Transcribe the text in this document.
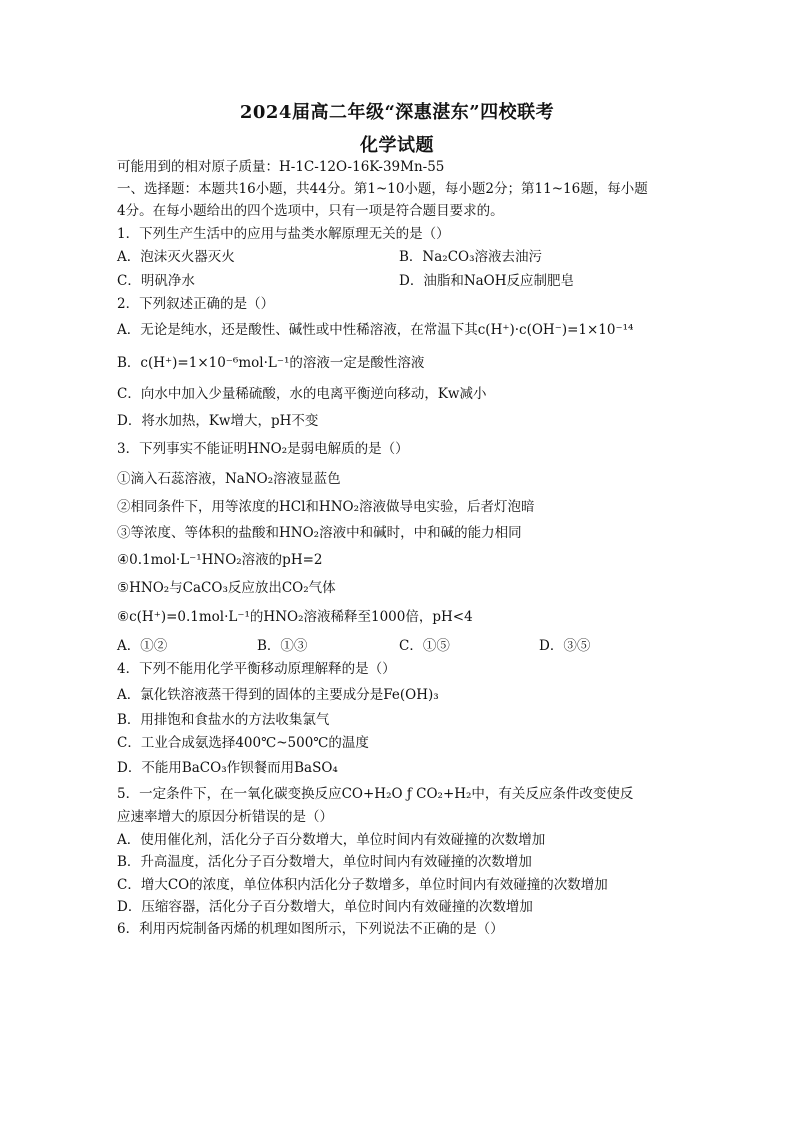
2024届高二年级“深惠湛东”四校联考
化学试题
可能用到的相对原子质量：H-1C-12O-16K-39Mn-55
一、选择题：本题共16小题，共44分。第1~10小题，每小题2分；第11~16题，每小题
4分。在每小题给出的四个选项中，只有一项是符合题目要求的。
1．下列生产生活中的应用与盐类水解原理无关的是（）
A．泡沫灭火器灭火	B．Na₂CO₃溶液去油污
C．明矾净水	D．油脂和NaOH反应制肥皂
2．下列叙述正确的是（）
A．无论是纯水，还是酸性、碱性或中性稀溶液，在常温下其c(H⁺)·c(OH⁻)=1×10⁻¹⁴
B．c(H⁺)=1×10⁻⁶mol·L⁻¹的溶液一定是酸性溶液
C．向水中加入少量稀硫酸，水的电离平衡逆向移动，Kw减小
D．将水加热，Kw增大，pH不变
3．下列事实不能证明HNO₂是弱电解质的是（）
①滴入石蕊溶液，NaNO₂溶液显蓝色
②相同条件下，用等浓度的HCl和HNO₂溶液做导电实验，后者灯泡暗
③等浓度、等体积的盐酸和HNO₂溶液中和碱时，中和碱的能力相同
④0.1mol·L⁻¹HNO₂溶液的pH=2
⑤HNO₂与CaCO₃反应放出CO₂气体
⑥c(H⁺)=0.1mol·L⁻¹的HNO₂溶液稀释至1000倍，pH<4
A．①②	B．①③	C．①⑤	D．③⑤
4．下列不能用化学平衡移动原理解释的是（）
A．氯化铁溶液蒸干得到的固体的主要成分是Fe(OH)₃
B．用排饱和食盐水的方法收集氯气
C．工业合成氨选择400℃~500℃的温度
D．不能用BaCO₃作钡餐而用BaSO₄
5．一定条件下，在一氧化碳变换反应CO+H₂O ƒ CO₂+H₂中，有关反应条件改变使反
应速率增大的原因分析错误的是（）
A．使用催化剂，活化分子百分数增大，单位时间内有效碰撞的次数增加
B．升高温度，活化分子百分数增大，单位时间内有效碰撞的次数增加
C．增大CO的浓度，单位体积内活化分子数增多，单位时间内有效碰撞的次数增加
D．压缩容器，活化分子百分数增大，单位时间内有效碰撞的次数增加
6．利用丙烷制备丙烯的机理如图所示，下列说法不正确的是（）
